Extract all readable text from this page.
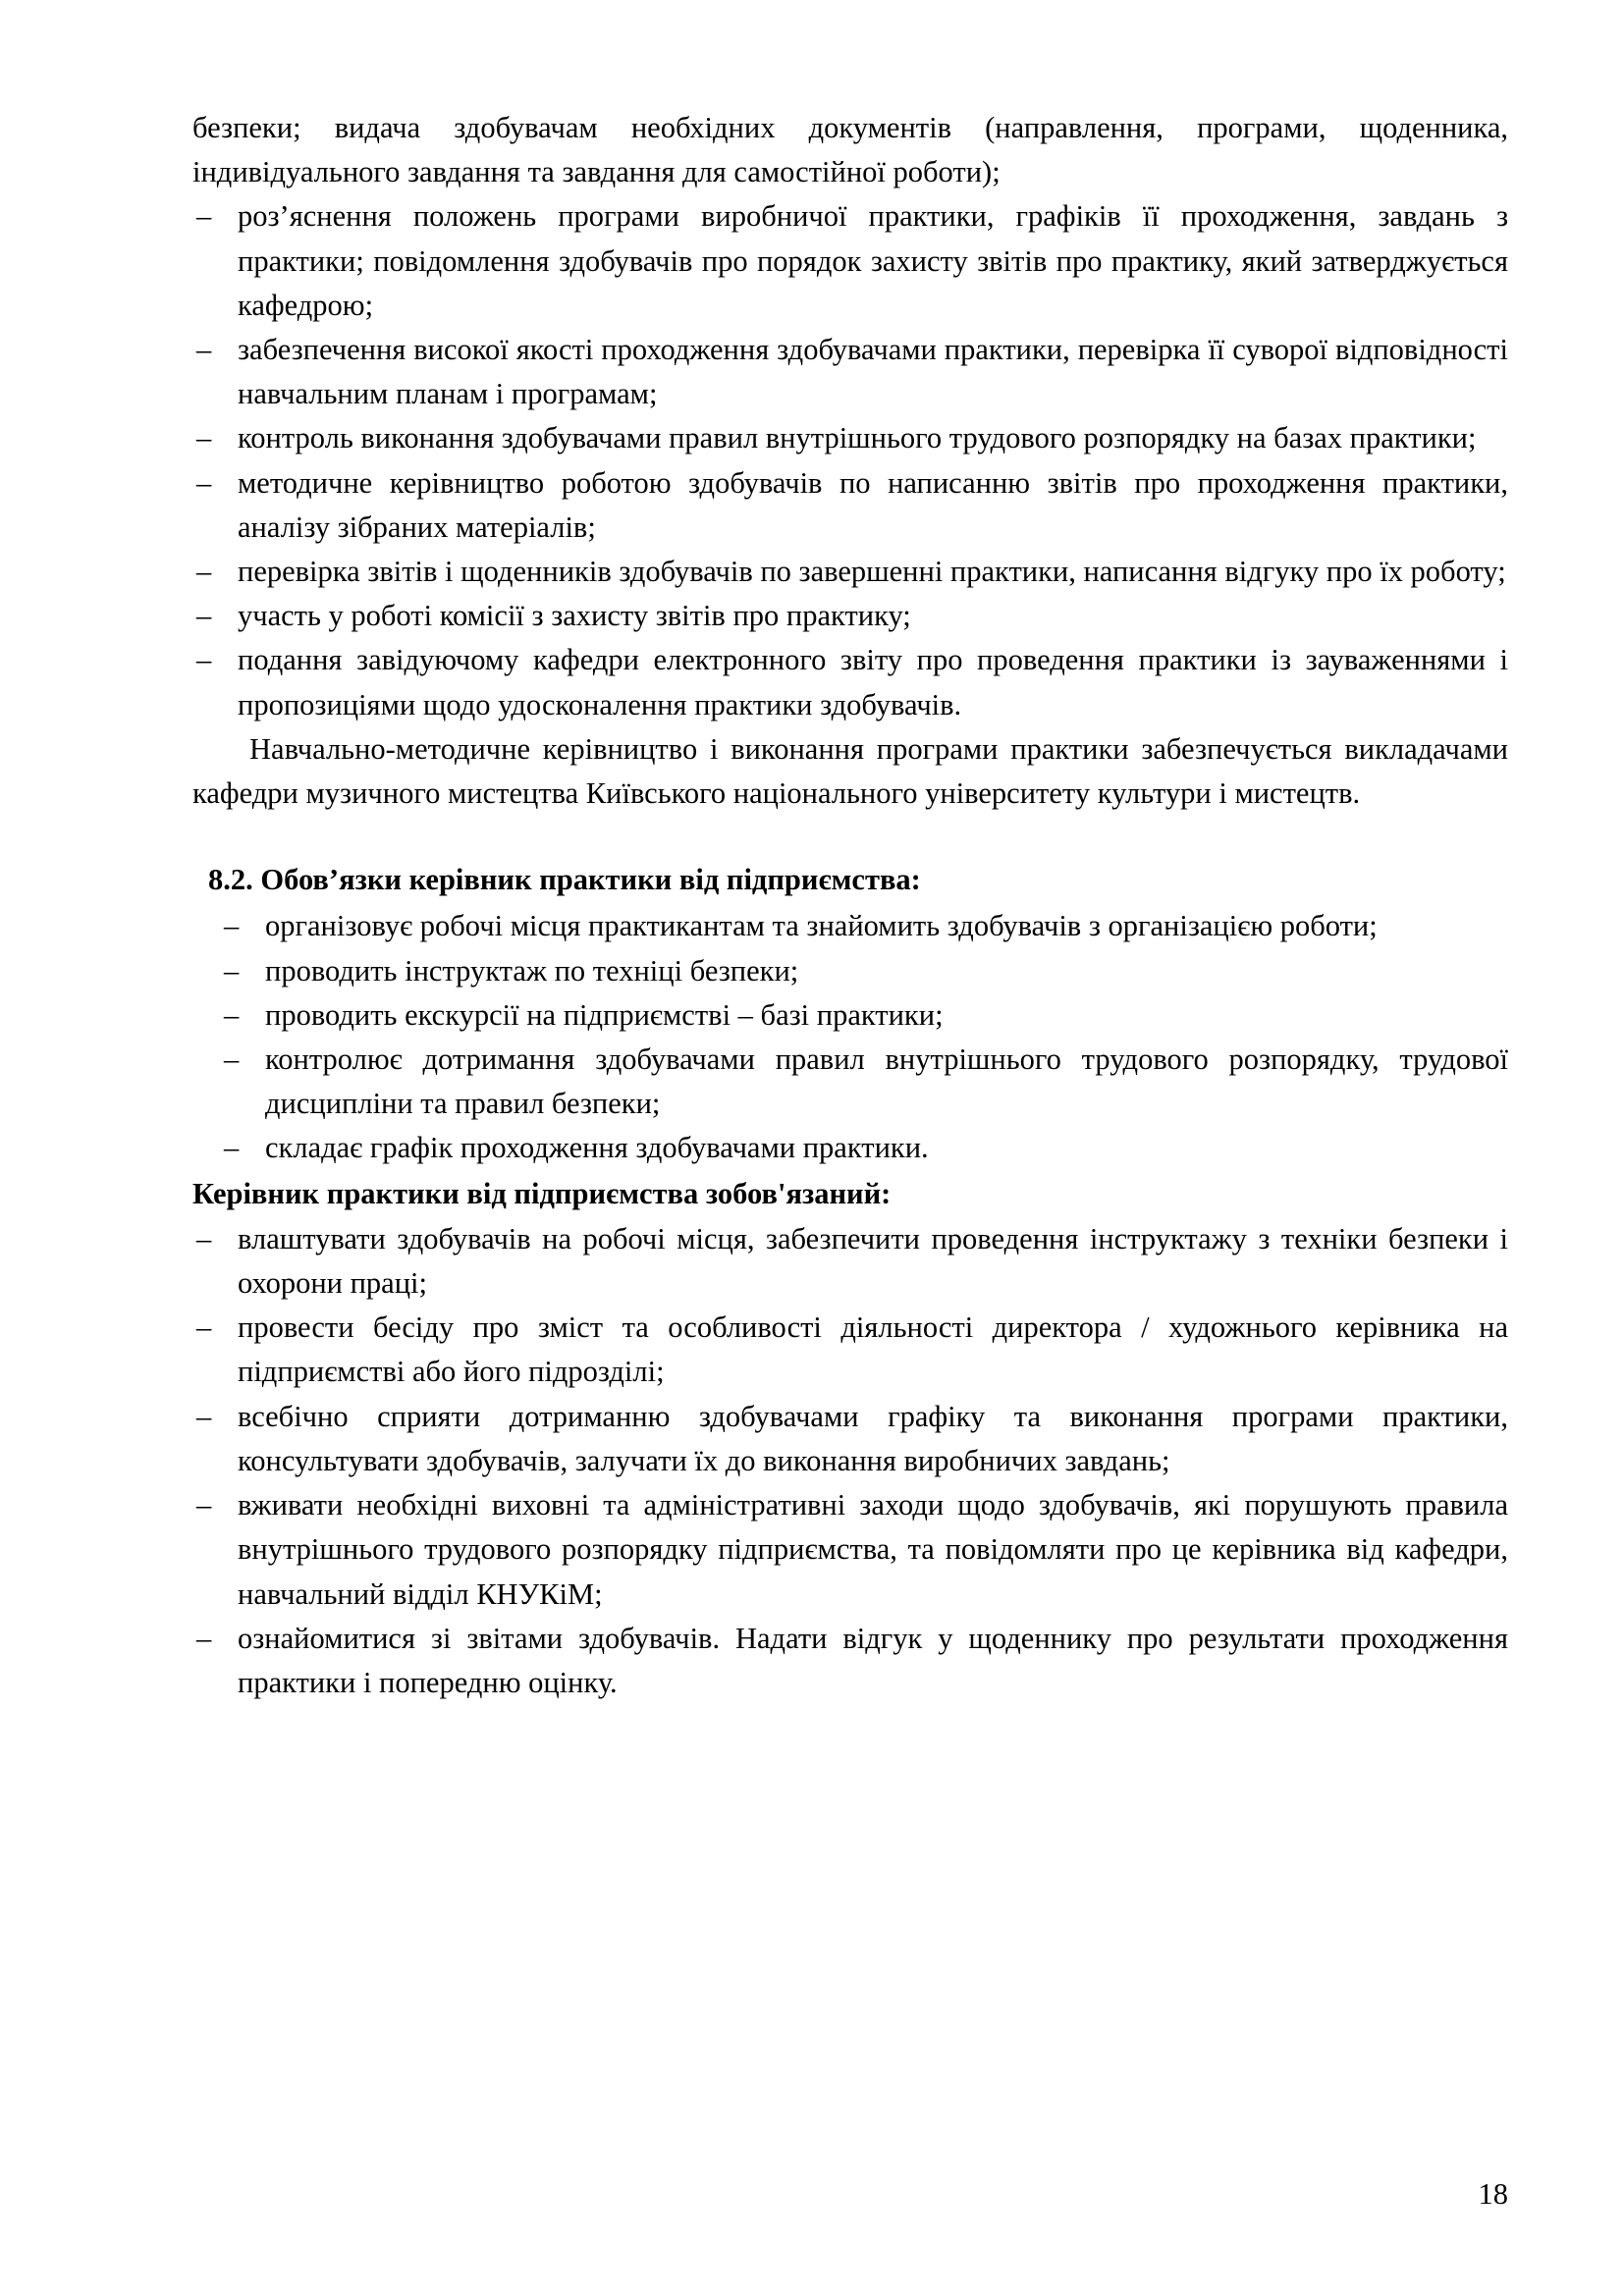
безпеки; видача здобувачам необхідних документів (направлення, програми, щоденника, індивідуального завдання та завдання для самостійної роботи);

– роз’яснення положень програми виробничої практики, графіків її проходження, завдань з практики; повідомлення здобувачів про порядок захисту звітів про практику, який затверджується кафедрою;
– забезпечення високої якості проходження здобувачами практики, перевірка її суворої відповідності навчальним планам і програмам;
– контроль виконання здобувачами правил внутрішнього трудового розпорядку на базах практики;
– методичне керівництво роботою здобувачів по написанню звітів про проходження практики, аналізу зібраних матеріалів;
– перевірка звітів і щоденників здобувачів по завершенні практики, написання відгуку про їх роботу;
– участь у роботі комісії з захисту звітів про практику;
– подання завідуючому кафедри електронного звіту про проведення практики із зауваженнями і пропозиціями щодо удосконалення практики здобувачів.

Навчально-методичне керівництво і виконання програми практики забезпечується викладачами кафедри музичного мистецтва Київського національного університету культури і мистецтв.

8.2. Обов’язки керівник практики від підприємства:

– організовує робочі місця практикантам та знайомить здобувачів з організацією роботи;
– проводить інструктаж по техніці безпеки;
– проводить екскурсії на підприємстві – базі практики;
– контролює дотримання здобувачами правил внутрішнього трудового розпорядку, трудової дисципліни та правил безпеки;
– складає графік проходження здобувачами практики.

Керівник практики від підприємства зобов'язаний:

– влаштувати здобувачів на робочі місця, забезпечити проведення інструктажу з техніки безпеки і охорони праці;
– провести бесіду про зміст та особливості діяльності директора / художнього керівника на підприємстві або його підрозділі;
– всебічно сприяти дотриманню здобувачами графіку та виконання програми практики, консультувати здобувачів, залучати їх до виконання виробничих завдань;
– вживати необхідні виховні та адміністративні заходи щодо здобувачів, які порушують правила внутрішнього трудового розпорядку підприємства, та повідомляти про це керівника від кафедри, навчальний відділ КНУКіМ;
– ознайомитися зі звітами здобувачів. Надати відгук у щоденнику про результати проходження практики і попередню оцінку.
18
